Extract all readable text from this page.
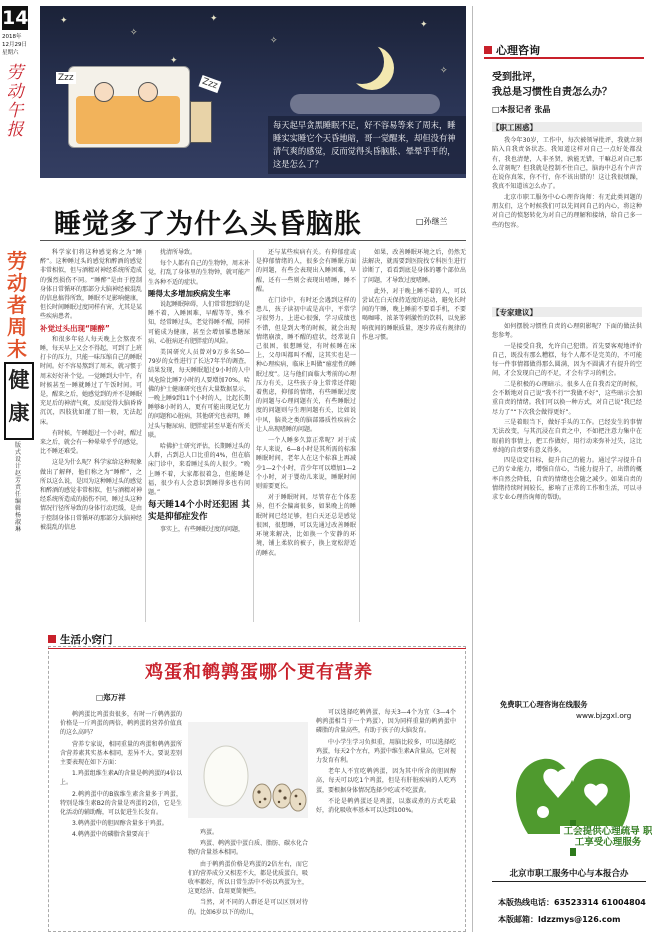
14
2018年
12月29日
星期六
劳动午报
劳动者周末
健康
版式设计 赵 芳 责任编辑 杨淑琳
✦
✧
✦
✧
✦
✧
✦
Zzz	Zzz
每天起早贪黑睡眠不足，好不容易等来了周末，睡睡实实睡它个天昏地暗，哥一觉醒来，却但没有神清气爽的感觉，反而觉得头昏脑胀、晕晕乎乎的，这是怎么了？
睡觉多了为什么头昏脑胀	□孙继兰

科学家们将这种感觉称之为“睡醉”。这种睡过头的感觉和醉酒的感觉非常相似，但与酒精对神经系统所造成的强烈损伤不同。“睡醉”是由于控制身体日常循环的那部分大脑神经被混乱的信息搞得所致，睡眠不足影响健康，但长时间睡眠过度同样有害，尤其是某些疾病患者。

补觉过头出现“睡醉”

和很多年轻人每天晚上会熬夜不睡，每天早上又会不得起，可到了上班打卡的压力，只能一味压缩自己的睡眠时间。好不容易熬到了周末，就习惯于周末好好补个觉。一觉睡到大中午，有时候甚至一睡就睡过了午饭时间。可是，醒来之后，她感觉到的并不是睡眠充足后的神清气爽，反而觉得大脑昏昏沉沉，四肢犹如灌了铅一般，无法起床。

有时候，午睡超过一个小时，醒过来之后，就会有一种晕晕乎乎的感觉，比不睡还难受。

这是为什么呢？科学家给这种现象做出了解释，他们称之为“睡醉”，之所以这么说，是因为这种睡过头的感觉和醉酒的感觉非常相似，但与酒精对神经系统所造成的损伤不同，睡过头这种情况行径所导致的身体行动迟缓，是由于控制身体日常循环的那部分大脑神经被混乱的信息

扰清所导致。

每个人都有自己的生物钟，周末补觉，打乱了身体里的生物钟，就可能产生各种不适的症状。

睡得太多增加疾病发生率

说起睡眠障碍，人们常常想到的是睡不着，入睡困难，早醒等等，殊不知，经常睡过头，老觉得睡不醒，同样可能成为健康，甚至会增加罹患糖尿病、心脏病还有肥胖症的风险。

美国研究人员曾对9万多名50—79岁的女性进行了长达7年半的调查，结果发现，每天睡眠超过9小时的人中风危险比睡7小时的人要增加70%，哈佛的护士健康研究也有大量数据显示，一晚上睡9到11个小时的人，比起长期睡够8小时的人，更有可能出现记忆力的问题和心脏病，其他研究也表明，睡过头与糖尿病、肥胖症甚至早逝有所关联。

哈佛护士研究评估，长期睡过头的人群，占到总人口比重的4%，但在临床门诊中，来看睡过头的人很少。“晚上睡不着，大家都很着急，但能睡是福，很少有人会意识到睡得多也有问题。”

每天睡14个小时还犯困 其实是抑郁症发作

事实上，有些睡眠过度的问题，

还与某些疾病有关。有抑郁症或是抑郁情绪的人，很多会有睡眠方面的问题，有些会表现出入睡困难，早醒，还有一些则会表现出嗜睡，睡不醒。

在门诊中，有时还会遇到这样的患儿，孩子读初中或是高中，平常学习很努力，上进心很强，学习成绩也不错，但是到大考的时候，就会出现情绪崩溃，睡不醒的症状，经常说自己很困，很想睡觉，有时候睡在床上，父母叫都叫不醒，这其实也是一种心理疾病，临床上叫做“癔症性的睡眠过度”。这与他们面临大考前的心理压力有关，这些孩子身上常常还伴随着焦虑，抑郁的情绪，有些睡眠过度的问题与心理问题有关，有些睡眠过度的问题则与生理问题有关，比如说中风，脑炎之类的脑部器质性疾病会让人出现嗜睡的问题。

一个人睡多久算正常呢？对于成年人来说，6—8小时是其所需的标准睡眠时间，老年人在这个标准上再减少1—2个小时，青少年可以增加1—2个小时，对于婴幼儿来说，睡眠时间则需要更长。

对于睡眠时间，尽管存在个体差异，但不会偏离很多，如果晚上的睡眠时间已经足够，但白天还总是感觉很困，很想睡，可以先通过改善睡眠环境来解决，比如换一个安静的环境，铺上柔软的被子，换上宽松舒适的睡衣。

如果，改善睡眠环境之后，仍然无法解决，就需要到医院找专科医生进行诊断了，看看到底是身体的哪个部位出了问题，才导致过度嗜睡。

此外，对于晚上睡不着的人，可以尝试在白天保持适度的运动，避免长时间的午睡，晚上睡前不要看手机，不要喝咖啡、浓茶等刺激性的饮料，以免影响夜间的睡眠质量，逐步养成有规律的作息习惯。

生活小窍门
鸡蛋和鹌鹑蛋哪个更有营养
□郑万祥

鹌鹑蛋比鸡蛋贵很多，有时一斤鹌鹑蛋的价格是一斤鸡蛋的两倍，鹌鹑蛋的营养价值真的这么高吗？

营养专家说，相同重量的鸡蛋和鹌鹑蛋所含营养素其实基本相同，差异不大。要说差别主要表现在如下方面：

1.鸡蛋组维生素A的含量是鹌鹑蛋的4倍以上。

2.鹌鹑蛋中的B族维生素含量多于鸡蛋，特别是维生素B2的含量是鸡蛋的2倍，它是生化活动的辅助酶，可以促进生长发育。

3.鹌鹑蛋中的胆固醇含量多于鸡蛋。

4.鹌鹑蛋中的磷脂含量要高于	鸡蛋。

鸡蛋、鹌鹑蛋中蛋白质、脂肪、碳水化合物的含量基本相同。

由于鹌鹑蛋价格是鸡蛋的2倍左右，而它们的营养成分又相差不大，都是优质蛋白，吸收率都好，所以日常生活中不妨以鸡蛋为主，这更经济、食用更简便些。

当然，对不同的人群还是可以区别对待的。比如6岁以下的幼儿，

可以选择吃鹌鹑蛋，每天3—4个为宜（3—4个鹌鹑蛋相当于一个鸡蛋），因为同样重量的鹌鹑蛋中磷脂的含量高些，有助于孩子的大脑发育。

中小学生学习负担重，用脑比较多，可以选择吃鸡蛋，每天2个左右，鸡蛋中维生素A含量高，它对视力发育有利。

老年人不宜吃鹌鹑蛋，因为其中所含的胆固醇高，每天可以吃1个鸡蛋，但是有肝脏疾病的人吃鸡蛋，要根据身体情况选择少吃或不吃蛋黄。

不论是鹌鹑蛋还是鸡蛋，以蒸或煮的方式吃最好，消化吸收率基本可以达到100%。

心理咨询
受到批评，
我总是习惯性自责怎么办？
□本报记者 张晶
【职工困惑】

我今年30岁，工作中，每次被领导批评，我就立刻陷入自我责备状态。我知道这样对自己一点好处都没有，我也清楚，人非圣贤，孰能无错，干嘛总对自己那么苛刻呢？但我就是控制不住自己，脑海中总有个声音在说你真笨，你不行，你不该出错的！这让我很烦躁，我真不知道该怎么办了。

北京市职工服务中心心理咨询师：有无此类问题的朋友们，这个时候我们可以先问问自己的内心，将这种对自己的愤怒转化为对自己的理解和接纳，给自己多一些的包容。

【专家建议】

如何摆脱习惯性自责的心理阴影呢？下面的做法供您参考。

一是接受自我，允许自己犯错。首先要客观地评价自己，既没有那么糟糕，每个人都不是完美的，不可能每一件事情都做得那么圆满，因为不圆满才有提升的空间，才会发现自己的不足，才会有学习的机会。

二是积极的心理暗示。很多人在自我否定的时候，会不断地对自己说“我不行”“我做不好”，这些暗示会加重自责的情绪。我们可以换一种方式，对自己说“我已经尽力了”“下次我会做得更好”。

三是着眼当下，做好手头的工作。已经发生的事情无法改变，与其沉浸在自责之中，不如把注意力集中在眼前的事情上，把工作做好，用行动来弥补过失，这比单纯的自责要有意义得多。

四是设定目标，提升自己的能力。通过学习提升自己的专业能力，增强自信心，当能力提升了，出错的概率自然会降低，自责的情绪也会随之减少。如果自责的情绪持续时间较长，影响了正常的工作和生活，可以寻求专业心理咨询师的帮助。

免费职工心理咨询在线服务
www.bjzgxl.org
工会提供心理疏导 职工享受心理服务
北京市职工服务中心与本报合办
本版热线电话：63523314 61004804
本版邮箱：ldzzmys@126.com
